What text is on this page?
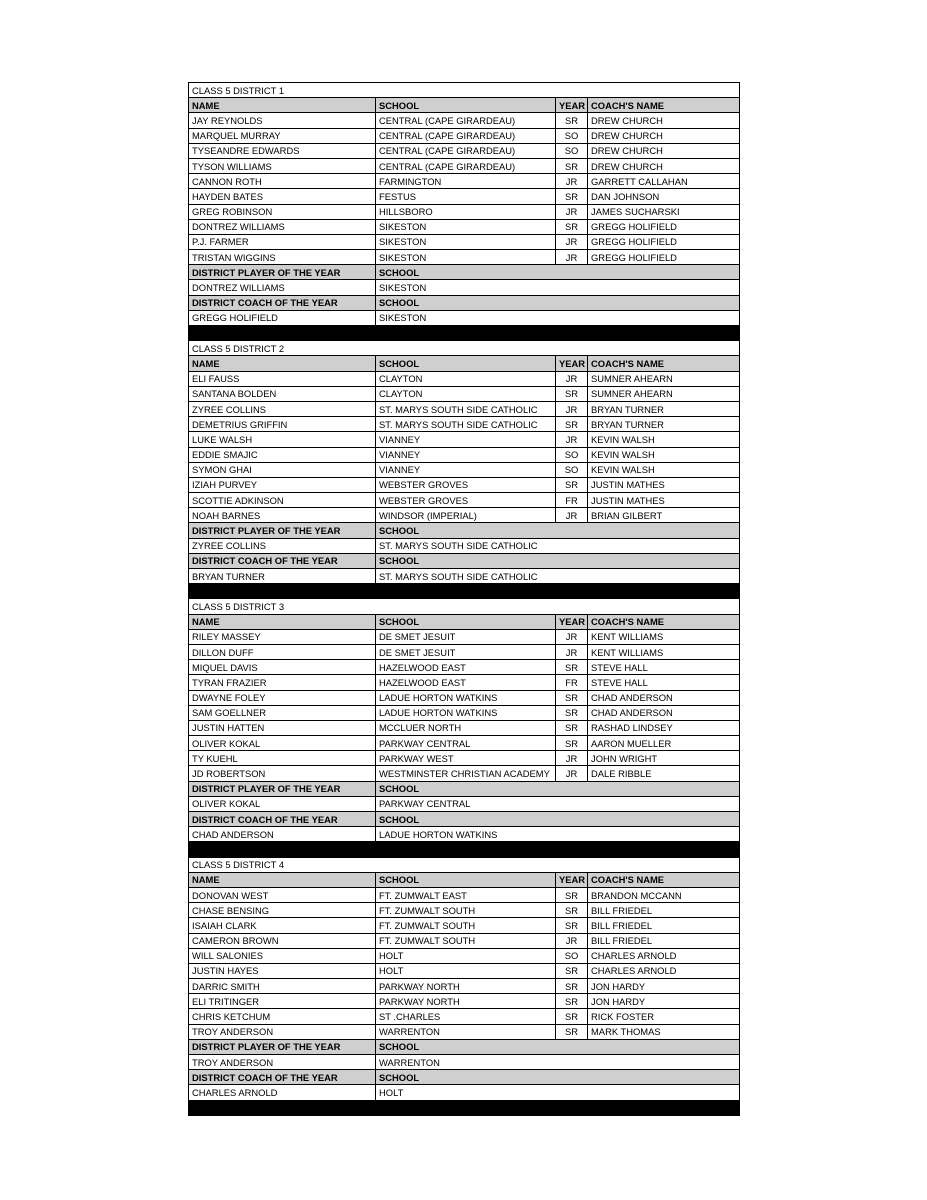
CLASS 5 DISTRICT 1			
NAME	SCHOOL	YEAR	COACH'S NAME
JAY REYNOLDS	CENTRAL (CAPE GIRARDEAU)	SR	DREW CHURCH
MARQUEL MURRAY	CENTRAL (CAPE GIRARDEAU)	SO	DREW CHURCH
TYSEANDRE EDWARDS	CENTRAL (CAPE GIRARDEAU)	SO	DREW CHURCH
TYSON WILLIAMS	CENTRAL (CAPE GIRARDEAU)	SR	DREW CHURCH
CANNON ROTH	FARMINGTON	JR	GARRETT CALLAHAN
HAYDEN BATES	FESTUS	SR	DAN JOHNSON
GREG ROBINSON	HILLSBORO	JR	JAMES SUCHARSKI
DONTREZ WILLIAMS	SIKESTON	SR	GREGG HOLIFIELD
P.J. FARMER	SIKESTON	JR	GREGG HOLIFIELD
TRISTAN WIGGINS	SIKESTON	JR	GREGG HOLIFIELD
DISTRICT PLAYER OF THE YEAR	SCHOOL		
DONTREZ WILLIAMS	SIKESTON		
DISTRICT COACH OF THE YEAR	SCHOOL		
GREGG HOLIFIELD	SIKESTON		

CLASS 5 DISTRICT 2			
NAME	SCHOOL	YEAR	COACH'S NAME
ELI FAUSS	CLAYTON	JR	SUMNER AHEARN
SANTANA BOLDEN	CLAYTON	SR	SUMNER AHEARN
ZYREE COLLINS	ST. MARYS SOUTH SIDE CATHOLIC	JR	BRYAN TURNER
DEMETRIUS GRIFFIN	ST. MARYS SOUTH SIDE CATHOLIC	SR	BRYAN TURNER
LUKE WALSH	VIANNEY	JR	KEVIN WALSH
EDDIE SMAJIC	VIANNEY	SO	KEVIN WALSH
SYMON GHAI	VIANNEY	SO	KEVIN WALSH
IZIAH PURVEY	WEBSTER GROVES	SR	JUSTIN MATHES
SCOTTIE ADKINSON	WEBSTER GROVES	FR	JUSTIN MATHES
NOAH BARNES	WINDSOR (IMPERIAL)	JR	BRIAN GILBERT
DISTRICT PLAYER OF THE YEAR	SCHOOL		
ZYREE COLLINS	ST. MARYS SOUTH SIDE CATHOLIC		
DISTRICT COACH OF THE YEAR	SCHOOL		
BRYAN TURNER	ST. MARYS SOUTH SIDE CATHOLIC		

CLASS 5 DISTRICT 3			
NAME	SCHOOL	YEAR	COACH'S NAME
RILEY MASSEY	DE SMET JESUIT	JR	KENT WILLIAMS
DILLON DUFF	DE SMET JESUIT	JR	KENT WILLIAMS
MIQUEL DAVIS	HAZELWOOD EAST	SR	STEVE HALL
TYRAN FRAZIER	HAZELWOOD EAST	FR	STEVE HALL
DWAYNE FOLEY	LADUE HORTON WATKINS	SR	CHAD ANDERSON
SAM GOELLNER	LADUE HORTON WATKINS	SR	CHAD ANDERSON
JUSTIN HATTEN	MCCLUER NORTH	SR	RASHAD LINDSEY
OLIVER KOKAL	PARKWAY CENTRAL	SR	AARON MUELLER
TY KUEHL	PARKWAY WEST	JR	JOHN WRIGHT
JD ROBERTSON	WESTMINSTER CHRISTIAN ACADEMY	JR	DALE RIBBLE
DISTRICT PLAYER OF THE YEAR	SCHOOL		
OLIVER KOKAL	PARKWAY CENTRAL		
DISTRICT COACH OF THE YEAR	SCHOOL		
CHAD ANDERSON	LADUE HORTON WATKINS		

CLASS 5 DISTRICT 4			
NAME	SCHOOL	YEAR	COACH'S NAME
DONOVAN WEST	FT. ZUMWALT EAST	SR	BRANDON MCCANN
CHASE BENSING	FT. ZUMWALT SOUTH	SR	BILL FRIEDEL
ISAIAH CLARK	FT. ZUMWALT SOUTH	SR	BILL FRIEDEL
CAMERON BROWN	FT. ZUMWALT SOUTH	JR	BILL FRIEDEL
WILL SALONIES	HOLT	SO	CHARLES ARNOLD
JUSTIN HAYES	HOLT	SR	CHARLES ARNOLD
DARRIC SMITH	PARKWAY NORTH	SR	JON HARDY
ELI TRITINGER	PARKWAY NORTH	SR	JON HARDY
CHRIS KETCHUM	ST .CHARLES	SR	RICK FOSTER
TROY ANDERSON	WARRENTON	SR	MARK THOMAS
DISTRICT PLAYER OF THE YEAR	SCHOOL		
TROY ANDERSON	WARRENTON		
DISTRICT COACH OF THE YEAR	SCHOOL		
CHARLES ARNOLD	HOLT		
